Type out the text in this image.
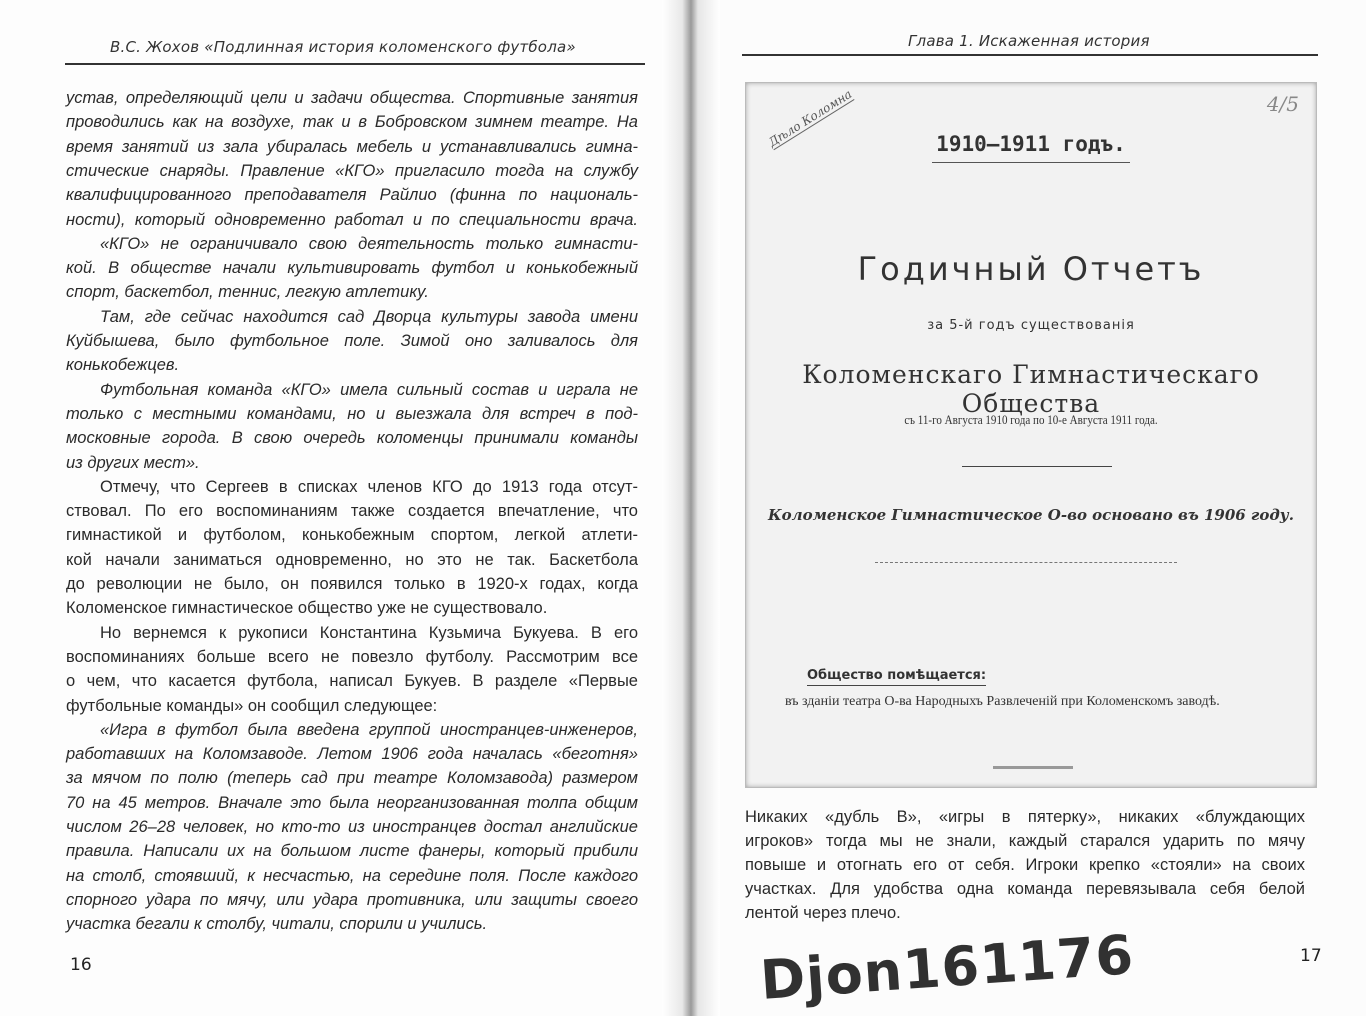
В.С. Жохов «Подлинная история коломенского футбола»
устав, определяющий цели и задачи общества. Спортивные занятия
проводились как на воздухе, так и в Бобровском зимнем театре. На
время занятий из зала убиралась мебель и устанавливались гимна-
стические снаряды. Правление «КГО» пригласило тогда на службу
квалифицированного преподавателя Райлио (финна по националь-
ности), который одновременно работал и по специальности врача.
«КГО» не ограничивало свою деятельность только гимнасти-
кой. В обществе начали культивировать футбол и конькобежный
спорт, баскетбол, теннис, легкую атлетику.
Там, где сейчас находится сад Дворца культуры завода имени
Куйбышева, было футбольное поле. Зимой оно заливалось для
конькобежцев.
Футбольная команда «КГО» имела сильный состав и играла не
только с местными командами, но и выезжала для встреч в под-
московные города. В свою очередь коломенцы принимали команды
из других мест».
Отмечу, что Сергеев в списках членов КГО до 1913 года отсут-
ствовал. По его воспоминаниям также создается впечатление, что
гимнастикой и футболом, конькобежным спортом, легкой атлети-
кой начали заниматься одновременно, но это не так. Баскетбола
до революции не было, он появился только в 1920-х годах, когда
Коломенское гимнастическое общество уже не существовало.
Но вернемся к рукописи Константина Кузьмича Букуева. В его
воспоминаниях больше всего не повезло футболу. Рассмотрим все
о чем, что касается футбола, написал Букуев. В разделе «Первые
футбольные команды» он сообщил следующее:
«Игра в футбол была введена группой иностранцев-инженеров,
работавших на Коломзаводе. Летом 1906 года началась «беготня»
за мячом по полю (теперь сад при театре Коломзавода) размером
70 на 45 метров. Вначале это была неорганизованная толпа общим
числом 26–28 человек, но кто-то из иностранцев достал английские
правила. Написали их на большом листе фанеры, который прибили
на столб, стоявший, к несчастью, на середине поля. После каждого
спорного удара по мячу, или удара противника, или защиты своего
участка бегали к столбу, читали, спорили и учились.
16
Глава 1. Искаженная история
Никаких «дубль В», «игры в пятерку», никаких «блуждающих
игроков» тогда мы не знали, каждый старался ударить по мячу
повыше и отогнать его от себя. Игроки крепко «стояли» на своих
участках. Для удобства одна команда перевязывала себя белой
лентой через плечо.
17
Дѣло Коломна	4/5
1910—1911 годъ.
Годичный Отчетъ
за 5-й годъ существованія
Коломенскаго Гимнастическаго Общества
съ 11-го Августа 1910 года по 10-е Августа 1911 года.
Коломенское Гимнастическое О-во основано въ 1906 году.
Общество помѣщается:
въ зданіи театра О-ва Народныхъ Развлеченій при Коломенскомъ заводѣ.
Djon161176
